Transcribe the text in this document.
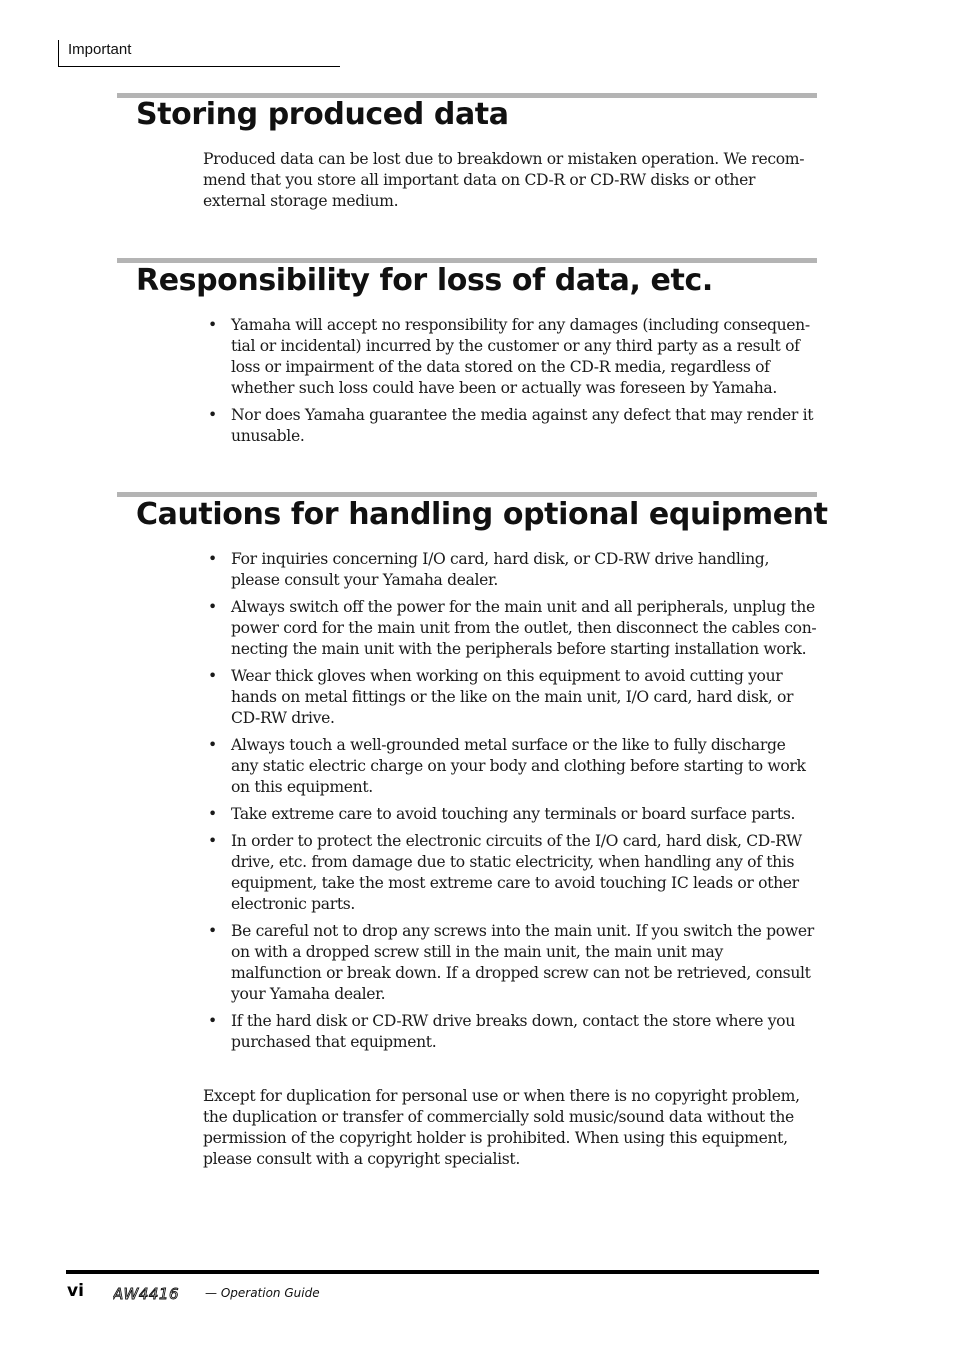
Important
Storing produced data

Produced data can be lost due to breakdown or mistaken operation. We recom-mend that you store all important data on CD-R or CD-RW disks or other external storage medium.

Responsibility for loss of data, etc.
• Yamaha will accept no responsibility for any damages (including consequen-tial or incidental) incurred by the customer or any third party as a result of loss or impairment of the data stored on the CD-R media, regardless of whether such loss could have been or actually was foreseen by Yamaha.
• Nor does Yamaha guarantee the media against any defect that may render it unusable.
Cautions for handling optional equipment
• For inquiries concerning I/O card, hard disk, or CD-RW drive handling, please consult your Yamaha dealer.
• Always switch off the power for the main unit and all peripherals, unplug the power cord for the main unit from the outlet, then disconnect the cables con-necting the main unit with the peripherals before starting installation work.
• Wear thick gloves when working on this equipment to avoid cutting your hands on metal fittings or the like on the main unit, I/O card, hard disk, or CD-RW drive.
• Always touch a well-grounded metal surface or the like to fully discharge any static electric charge on your body and clothing before starting to work on this equipment.
• Take extreme care to avoid touching any terminals or board surface parts.
• In order to protect the electronic circuits of the I/O card, hard disk, CD-RW drive, etc. from damage due to static electricity, when handling any of this equipment, take the most extreme care to avoid touching IC leads or other electronic parts.
• Be careful not to drop any screws into the main unit. If you switch the power on with a dropped screw still in the main unit, the main unit may malfunction or break down. If a dropped screw can not be retrieved, consult your Yamaha dealer.
• If the hard disk or CD-RW drive breaks down, contact the store where you purchased that equipment.

Except for duplication for personal use or when there is no copyright problem, the duplication or transfer of commercially sold music/sound data without the permission of the copyright holder is prohibited. When using this equipment, please consult with a copyright specialist.

vi AW4416 — Operation Guide
